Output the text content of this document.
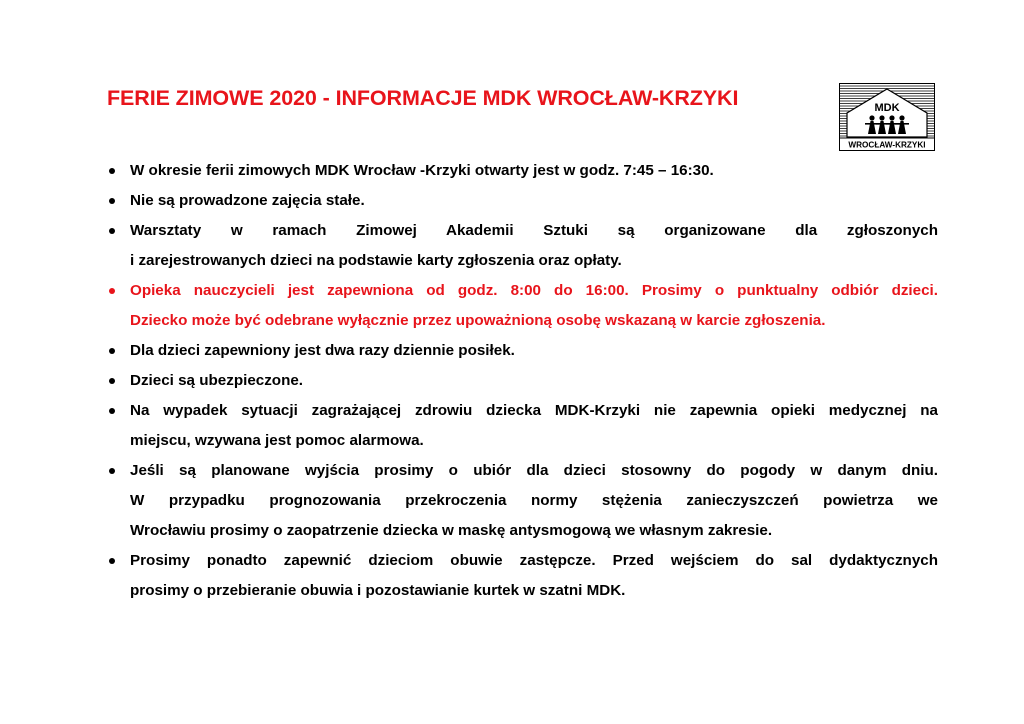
FERIE ZIMOWE 2020 - INFORMACJE MDK WROCŁAW-KRZYKI	MDK
WROCŁAW-KRZYKI
W okresie ferii zimowych MDK Wrocław -Krzyki otwarty jest w godz. 7:45 – 16:30.
Nie są prowadzone zajęcia stałe.
Warsztaty w ramach Zimowej Akademii Sztuki są organizowane dla zgłoszonych
i zarejestrowanych dzieci na podstawie karty zgłoszenia oraz opłaty.
Opieka nauczycieli jest zapewniona od godz. 8:00 do 16:00. Prosimy o punktualny odbiór dzieci.
Dziecko może być odebrane wyłącznie przez upoważnioną osobę wskazaną w karcie zgłoszenia.
Dla dzieci zapewniony jest dwa razy dziennie posiłek.
Dzieci są ubezpieczone.
Na wypadek sytuacji zagrażającej zdrowiu dziecka MDK-Krzyki nie zapewnia opieki medycznej na
miejscu, wzywana jest pomoc alarmowa.
Jeśli są planowane wyjścia prosimy o ubiór dla dzieci stosowny do pogody w danym dniu.
W przypadku prognozowania przekroczenia normy stężenia zanieczyszczeń powietrza we
Wrocławiu prosimy o zaopatrzenie dziecka w maskę antysmogową we własnym zakresie.
Prosimy ponadto zapewnić dzieciom obuwie zastępcze. Przed wejściem do sal dydaktycznych
prosimy o przebieranie obuwia i pozostawianie kurtek w szatni MDK.
